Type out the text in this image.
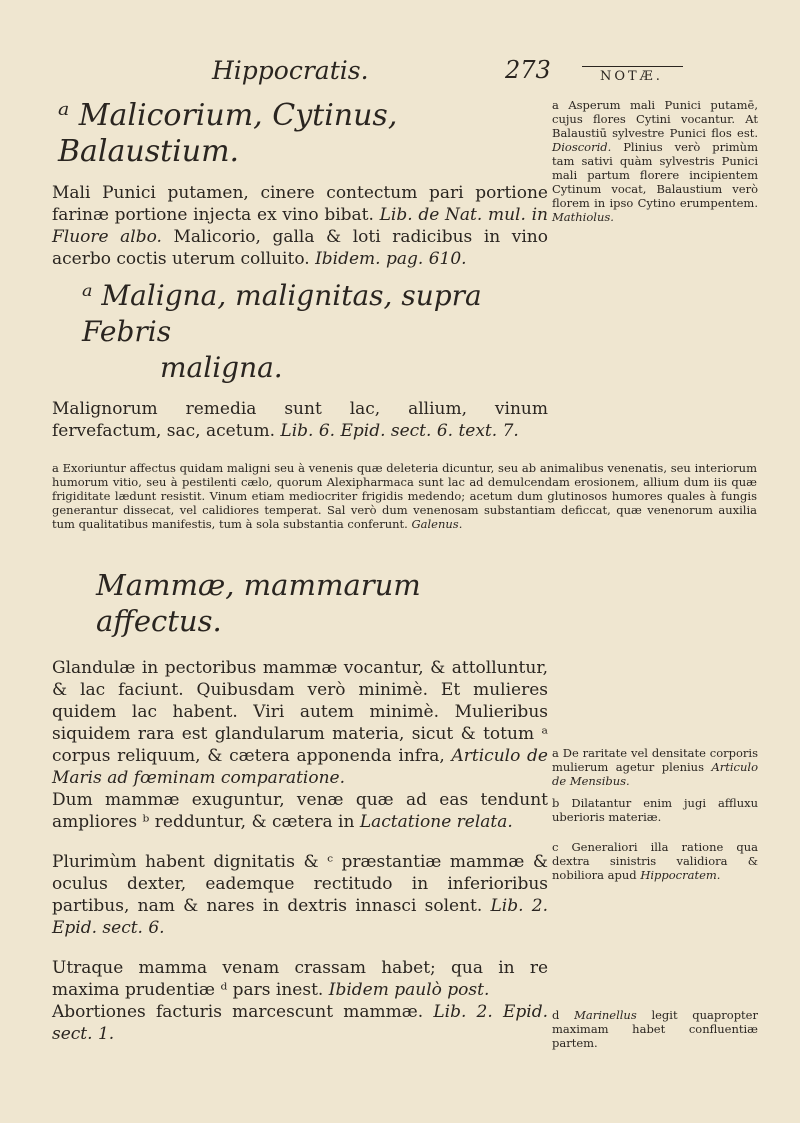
Hippocratis.	273	NOTÆ.
ᵃ Malicorium, Cytinus, Balaustium.

Mali Punici putamen, cinere contectum pari portione farinæ portione injecta ex vino bibat. Lib. de Nat. mul. in Fluore albo. Malicorio, galla & loti radicibus in vino acerbo coctis uterum colluito. Ibidem. pag. 610.

ᵃ Maligna, malignitas, supra Febris
maligna.

Malignorum remedia sunt lac, allium, vinum fervefactum, sac, acetum. Lib. 6. Epid. sect. 6. text. 7.

a Exoriuntur affectus quidam maligni seu à venenis quæ deleteria dicuntur, seu ab animalibus venenatis, seu interiorum humorum vitio, seu à pestilenti cælo, quorum Alexipharmaca sunt lac ad demulcendam erosionem, allium dum iis quæ frigiditate lædunt resistit. Vinum etiam mediocriter frigidis medendo; acetum dum glutinosos humores quales à fungis generantur dissecat, vel calidiores temperat. Sal verò dum venenosam substantiam deficcat, quæ venenorum auxilia tum qualitatibus manifestis, tum à sola substantia conferunt. Galenus.

Mammæ, mammarum affectus.

Glandulæ in pectoribus mammæ vocantur, & attolluntur, & lac faciunt. Quibusdam verò minimè. Et mulieres quidem lac habent. Viri autem minimè. Mulieribus siquidem rara est glandularum materia, sicut & totum ᵃ corpus reliquum, & cætera apponenda infra, Articulo de Maris ad fœminam comparatione.

Dum mammæ exuguntur, venæ quæ ad eas tendunt ampliores ᵇ redduntur, & cætera in Lactatione relata.

Plurimùm habent dignitatis & ᶜ præstantiæ mammæ & oculus dexter, eademque rectitudo in inferioribus partibus, nam & nares in dextris innasci solent. Lib. 2. Epid. sect. 6.

Utraque mamma venam crassam habet; qua in re maxima prudentiæ ᵈ pars inest. Ibidem paulò post.

Abortiones facturis marcescunt mammæ. Lib. 2. Epid. sect. 1.

a Asperum mali Punici putamē, cujus flores Cytini vocantur. At Balaustiū sylvestre Punici flos est. Dioscorid. Plinius verò primùm tam sativi quàm sylvestris Punici mali partum florere incipientem Cytinum vocat, Balaustium verò florem in ipso Cytino erumpentem. Mathiolus.

a De raritate vel densitate corporis mulierum agetur plenius Articulo de Mensibus.

b Dilatantur enim jugi affluxu uberioris materiæ.

c Generaliori illa ratione qua dextra sinistris validiora & nobiliora apud Hippocratem.

d Marinellus legit quapropter maximam habet confluentiæ partem.
